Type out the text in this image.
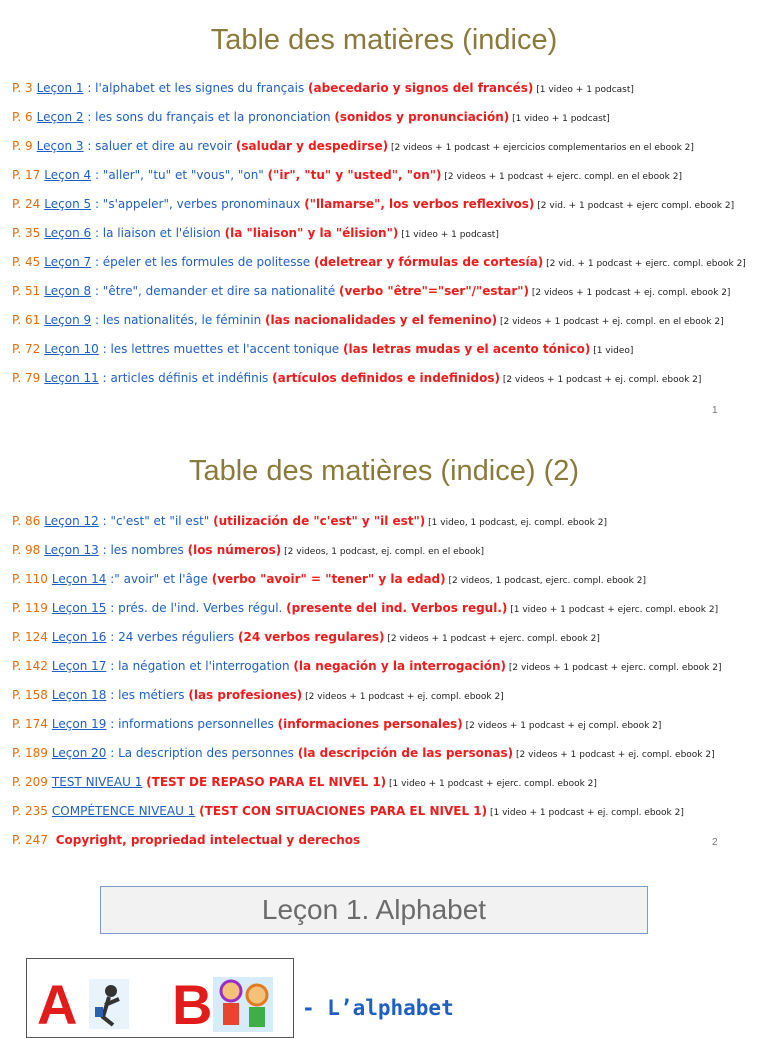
Table des matières (indice)
P. 3 Leçon 1 : l'alphabet et les signes du français (abecedario y signos del francés) [1 video + 1 podcast]
P. 6 Leçon 2 : les sons du français et la prononciation (sonidos y pronunciación) [1 video + 1 podcast]
P. 9 Leçon 3 : saluer et dire au revoir (saludar y despedirse) [2 videos + 1 podcast + ejercicios complementarios en el ebook 2]
P. 17 Leçon 4 : "aller", "tu" et "vous", "on" ("ir", "tu" y "usted", "on") [2 videos + 1 podcast + ejerc. compl. en el ebook 2]
P. 24 Leçon 5 : "s'appeler", verbes pronominaux ("llamarse", los verbos reflexivos) [2 vid. + 1 podcast + ejerc compl. ebook 2]
P. 35 Leçon 6 : la liaison et l'élision (la "liaison" y la "élision") [1 video + 1 podcast]
P. 45 Leçon 7 : épeler et les formules de politesse (deletrear y fórmulas de cortesía) [2 vid. + 1 podcast + ejerc. compl. ebook 2]
P. 51 Leçon 8 : "être", demander et dire sa nationalité (verbo "être"="ser"/"estar") [2 videos + 1 podcast + ej. compl. ebook 2]
P. 61 Leçon 9 : les nationalités, le féminin (las nacionalidades y el femenino) [2 videos + 1 podcast + ej. compl. en el ebook 2]
P. 72 Leçon 10 : les lettres muettes et l'accent tonique (las letras mudas y el acento tónico) [1 video]
P. 79 Leçon 11 : articles définis et indéfinis (artículos definidos e indefinidos) [2 videos + 1 podcast + ej. compl. ebook 2]
1
Table des matières (indice) (2)
P. 86 Leçon 12 : "c'est" et "il est" (utilización de "c'est" y "il est") [1 video, 1 podcast, ej. compl. ebook 2]
P. 98 Leçon 13 : les nombres (los números) [2 videos, 1 podcast, ej. compl. en el ebook]
P. 110 Leçon 14 :" avoir" et l'âge (verbo "avoir" = "tener" y la edad) [2 videos, 1 podcast, ejerc. compl. ebook 2]
P. 119 Leçon 15 : prés. de l'ind. Verbes régul. (presente del ind. Verbos regul.) [1 video + 1 podcast + ejerc. compl. ebook 2]
P. 124 Leçon 16 : 24 verbes réguliers (24 verbos regulares) [2 videos + 1 podcast + ejerc. compl. ebook 2]
P. 142 Leçon 17 : la négation et l'interrogation (la negación y la interrogación) [2 videos + 1 podcast + ejerc. compl. ebook 2]
P. 158 Leçon 18 : les métiers (las profesiones) [2 videos + 1 podcast + ej. compl. ebook 2]
P. 174 Leçon 19 : informations personnelles (informaciones personales) [2 videos + 1 podcast + ej compl. ebook 2]
P. 189 Leçon 20 : La description des personnes (la descripción de las personas) [2 videos + 1 podcast + ej. compl. ebook 2]
P. 209 TEST NIVEAU 1 (TEST DE REPASO PARA EL NIVEL 1) [1 video + 1 podcast + ejerc. compl. ebook 2]
P. 235 COMPÉTENCE NIVEAU 1 (TEST CON SITUACIONES PARA EL NIVEL 1) [1 video + 1 podcast + ej. compl. ebook 2]
P. 247 Copyright, propriedad intelectual y derechos	2
Leçon 1. Alphabet
A B	- L’alphabet
